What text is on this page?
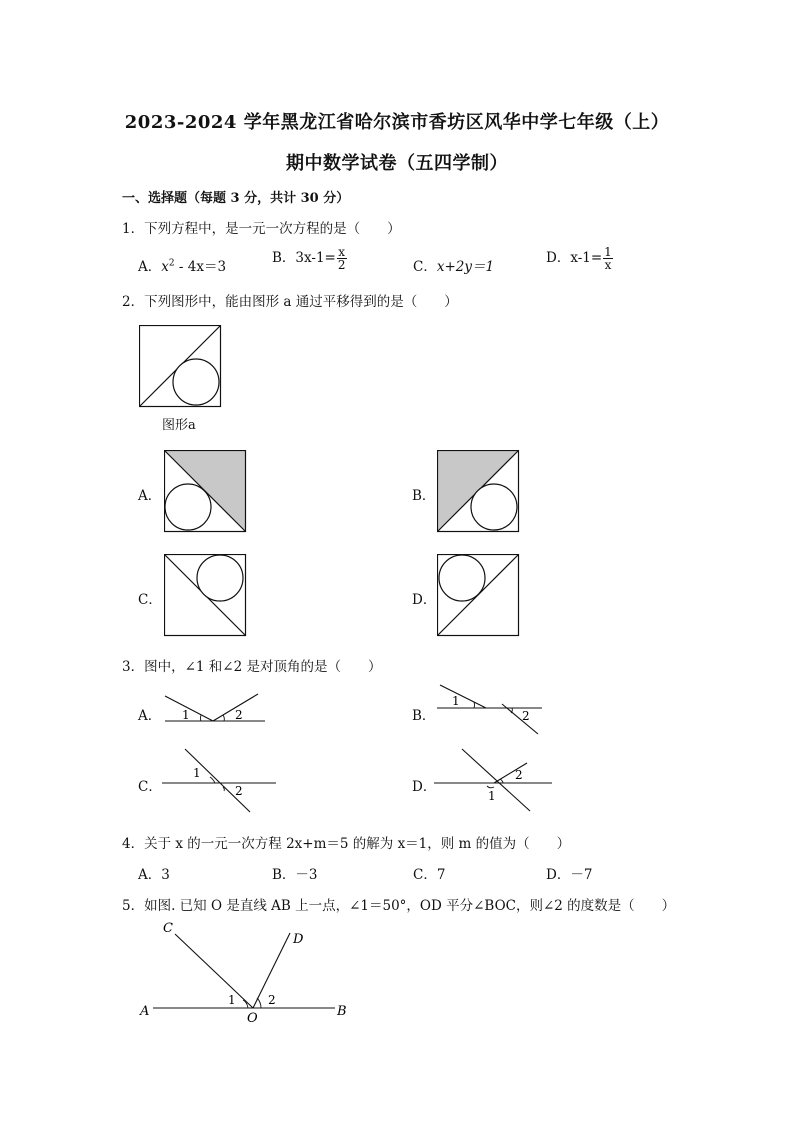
2023-2024 学年黑龙江省哈尔滨市香坊区风华中学七年级（上）
期中数学试卷（五四学制）
一、选择题（每题 3 分，共计 30 分）
1．下列方程中，是一元一次方程的是（　　）
A．$x^2 - 4x=3$
B．$3x-1= \frac{x}{2}$	C．x+2y＝1
D．$x-1= \frac{1}{x}$
2．下列图形中，能由图形 a 通过平移得到的是（　　）
图形a
A．	B．
C．	D．
3．图中，∠1 和∠2 是对顶角的是（　　）
A． 1	2	B．
1
2
C．
1
2	D．
2
1
4．关于 x 的一元一次方程 2x+m＝5 的解为 x＝1，则 m 的值为（　　）
A．3	B．－3	C．7	D．－7
5．如图. 已知 O 是直线 AB 上一点，∠1＝50°，OD 平分∠BOC，则∠2 的度数是（　　）
C
D
A	O	B
1	2
